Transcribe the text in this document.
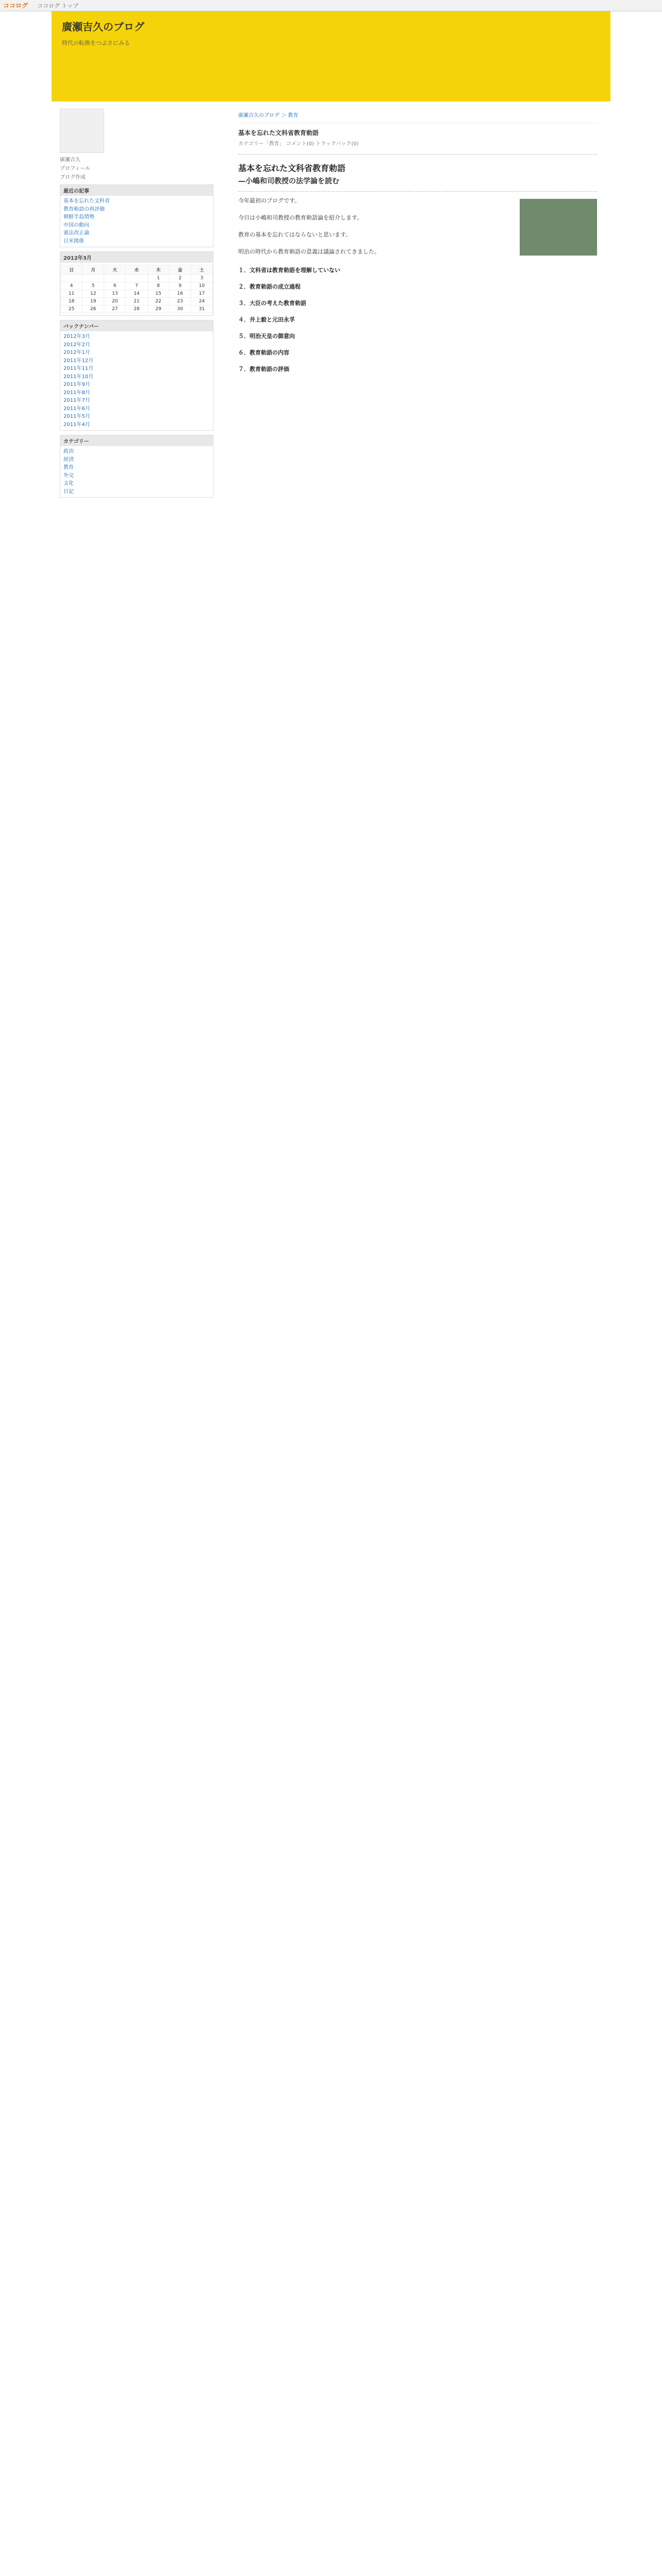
ココログ ココログ トップ
廣瀬吉久のブログ

時代の転換をつぶさにみる

廣瀬吉久
プロフィール
ブログ作成
最近の記事
基本を忘れた文科省
教育勅語の再評価
朝鮮半島情勢
中国の動向
憲法改正論
日米関係
2012年3月
日	月	火	水	木	金	土
				1	2	3
4	5	6	7	8	9	10
11	12	13	14	15	16	17
18	19	20	21	22	23	24
25	26	27	28	29	30	31
バックナンバー
2012年3月
2012年2月
2012年1月
2011年12月
2011年11月
2011年10月
2011年9月
2011年8月
2011年7月
2011年6月
2011年5月
2011年4月
カテゴリー
政治
経済
教育
外交
文化
日記
廣瀬吉久のブログ ＞ 教育
基本を忘れた文科省教育勅語
カテゴリー「教育」 コメント(0) トラックバック(0)
基本を忘れた文科省教育勅語
—小嶋和司教授の法学論を読む

今年最初のブログです。

今日は小嶋和司教授の教育勅語論を紹介します。

教育の基本を忘れてはならないと思います。

明治の時代から教育勅語の意義は議論されてきました。

１．文科省は教育勅語を理解していない
２．教育勅語の成立過程
３．大臣の考えた教育勅語
４．井上毅と元田永孚
５．明治天皇の御意向
６．教育勅語の内容
７．教育勅語の評価
